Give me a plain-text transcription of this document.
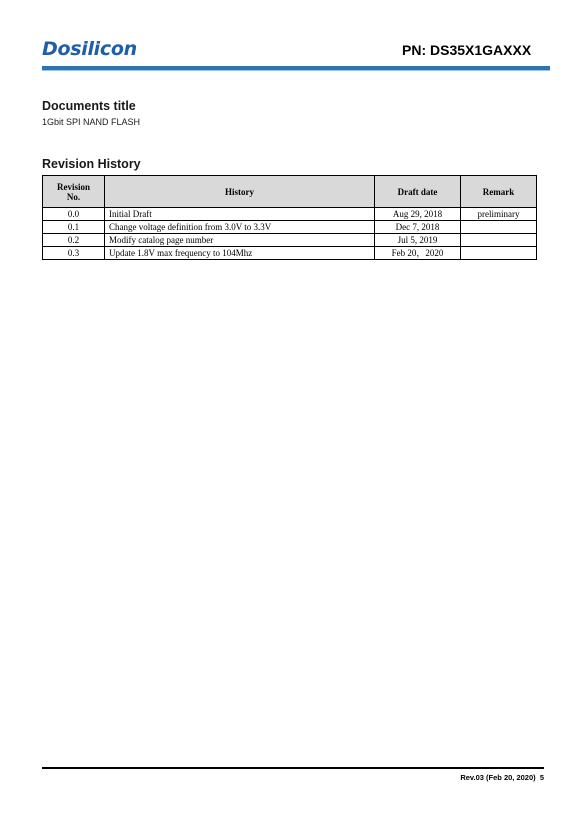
Dosilicon	PN: DS35X1GAXXX
Documents title
1Gbit SPI NAND FLASH
Revision History
Revision
No.	History	Draft date	Remark
0.0	Initial Draft	Aug 29, 2018	preliminary
0.1	Change voltage definition from 3.0V to 3.3V	Dec 7, 2018	
0.2	Modify catalog page number	Jul 5, 2019	
0.3	Update 1.8V max frequency to 104Mhz	Feb 20，2020	
Rev.03 (Feb 20, 2020) 5
